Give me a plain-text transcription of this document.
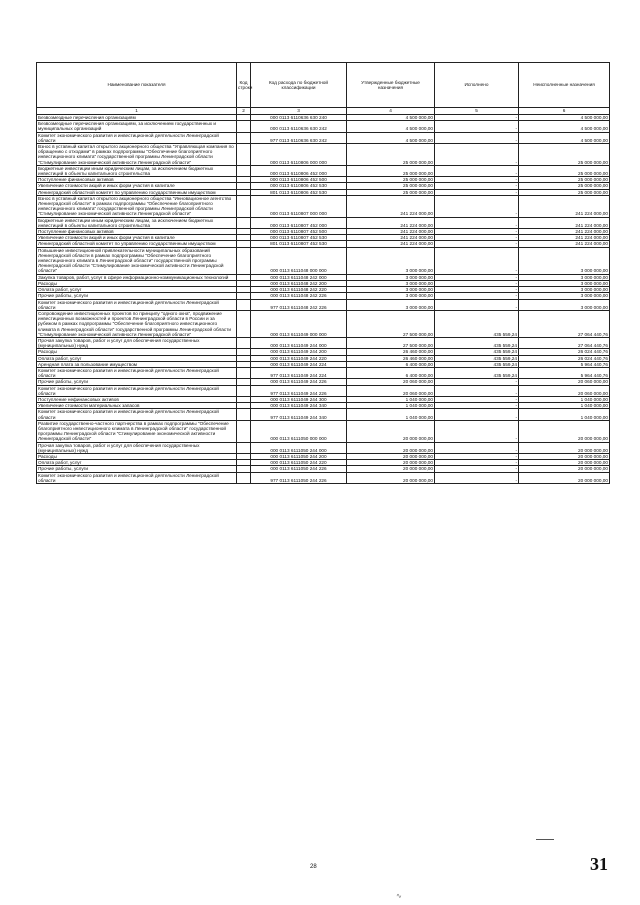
Наименование показателя	Код строки	Код расхода по бюджетной классификации	Утвержденные бюджетные назначения	Исполнено	Неисполненные назначения
1	2	3	4	5	6
Безвозмездные перечисления организациям		000 0113 6110636 630 240	4 500 000,00	-	4 500 000,00
Безвозмездные перечисления организациям, за исключением государственных и муниципальных организаций		000 0113 6110636 630 242	4 500 000,00	-	4 500 000,00
Комитет экономического развития и инвестиционной деятельности Ленинградской области		977 0113 6110636 630 242	4 500 000,00	-	4 500 000,00
Взнос в уставный капитал открытого акционерного общества "Управляющая компания по обращению с отходами" в рамках подпрограммы "Обеспечение благоприятного инвестиционного климата" государственной программы Ленинградской области "Стимулирование экономической активности Ленинградской области"		000 0113 6110806 000 000	25 000 000,00	-	25 000 000,00
Бюджетные инвестиции иным юридическим лицам, за исключением бюджетных инвестиций в объекты капитального строительства		000 0113 6110806 452 000	25 000 000,00	-	25 000 000,00
Поступление финансовых активов		000 0113 6110806 452 500	25 000 000,00	-	25 000 000,00
Увеличение стоимости акций и иных форм участия в капитале		000 0113 6110806 452 530	25 000 000,00	-	25 000 000,00
Ленинградский областной комитет по управлению государственным имуществом		801 0113 6110806 452 530	25 000 000,00	-	25 000 000,00
Взнос в уставный капитал открытого акционерного общества "Инновационное агентство Ленинградской области" в рамках подпрограммы "Обеспечение благоприятного инвестиционного климата" государственной программы Ленинградской области "Стимулирование экономической активности Ленинградской области"		000 0113 6110807 000 000	241 224 000,00	-	241 224 000,00
Бюджетные инвестиции иным юридическим лицам, за исключением бюджетных инвестиций в объекты капитального строительства		000 0113 6110807 452 000	241 224 000,00	-	241 224 000,00
Поступление финансовых активов		000 0113 6110807 452 500	241 224 000,00	-	241 224 000,00
Увеличение стоимости акций и иных форм участия в капитале		000 0113 6110807 452 530	241 224 000,00	-	241 224 000,00
Ленинградский областной комитет по управлению государственным имуществом		801 0113 6110807 452 530	241 224 000,00	-	241 224 000,00
Повышение инвестиционной привлекательности муниципальных образований Ленинградской области в рамках подпрограммы "Обеспечение благоприятного инвестиционного климата в Ленинградской области" государственной программы Ленинградской области "Стимулирование экономической активности Ленинградской области"		000 0113 6111048 000 000	3 000 000,00	-	3 000 000,00
Закупка товаров, работ, услуг в сфере информационно-коммуникационных технологий		000 0113 6111048 242 000	3 000 000,00	-	3 000 000,00
Расходы		000 0113 6111048 242 200	3 000 000,00	-	3 000 000,00
Оплата работ, услуг		000 0113 6111048 242 220	3 000 000,00	-	3 000 000,00
Прочие работы, услуги		000 0113 6111048 242 226	3 000 000,00	-	3 000 000,00
Комитет экономического развития и инвестиционной деятельности Ленинградской области		977 0113 6111048 242 226	3 000 000,00	-	3 000 000,00
Сопровождение инвестиционных проектов по принципу "одного окна", продвижение инвестиционных возможностей и проектов Ленинградской области в России и за рубежом в рамках подпрограммы "Обеспечение благоприятного инвестиционного климата в Ленинградской области" государственной программы Ленинградской области "Стимулирование экономической активности Ленинградской области"		000 0113 6111049 000 000	27 500 000,00	435 559,24	27 064 440,76
Прочая закупка товаров, работ и услуг для обеспечения государственных (муниципальных) нужд		000 0113 6111049 244 000	27 500 000,00	435 559,24	27 064 440,76
Расходы		000 0113 6111049 244 200	26 460 000,00	435 559,24	26 024 440,76
Оплата работ, услуг		000 0113 6111049 244 220	26 460 000,00	435 559,24	26 024 440,76
Арендная плата за пользование имуществом		000 0113 6111049 244 224	6 400 000,00	435 559,24	5 964 440,76
Комитет экономического развития и инвестиционной деятельности Ленинградской области		977 0113 6111049 244 224	6 400 000,00	435 559,24	5 964 440,76
Прочие работы, услуги		000 0113 6111049 244 226	20 060 000,00	-	20 060 000,00
Комитет экономического развития и инвестиционной деятельности Ленинградской области		977 0113 6111049 244 226	20 060 000,00	-	20 060 000,00
Поступление нефинансовых активов		000 0113 6111049 244 300	1 040 000,00	-	1 040 000,00
Увеличение стоимости материальных запасов		000 0113 6111049 244 340	1 040 000,00	-	1 040 000,00
Комитет экономического развития и инвестиционной деятельности Ленинградской области		977 0113 6111049 244 340	1 040 000,00	-	1 040 000,00
Развитие государственно-частного партнерства в рамках подпрограммы "Обеспечение благоприятного инвестиционного климата в Ленинградской области" государственной программы Ленинградской области "Стимулирование экономической активности Ленинградской области"		000 0113 6111050 000 000	20 000 000,00	-	20 000 000,00
Прочая закупка товаров, работ и услуг для обеспечения государственных (муниципальных) нужд		000 0113 6111050 244 000	20 000 000,00	-	20 000 000,00
Расходы		000 0113 6111050 244 200	20 000 000,00	-	20 000 000,00
Оплата работ, услуг		000 0113 6111050 244 220	20 000 000,00	-	20 000 000,00
Прочие работы, услуги		000 0113 6111050 244 226	20 000 000,00	-	20 000 000,00
Комитет экономического развития и инвестиционной деятельности Ленинградской области		977 0113 6111050 244 226	20 000 000,00	-	20 000 000,00
28	31
∿
